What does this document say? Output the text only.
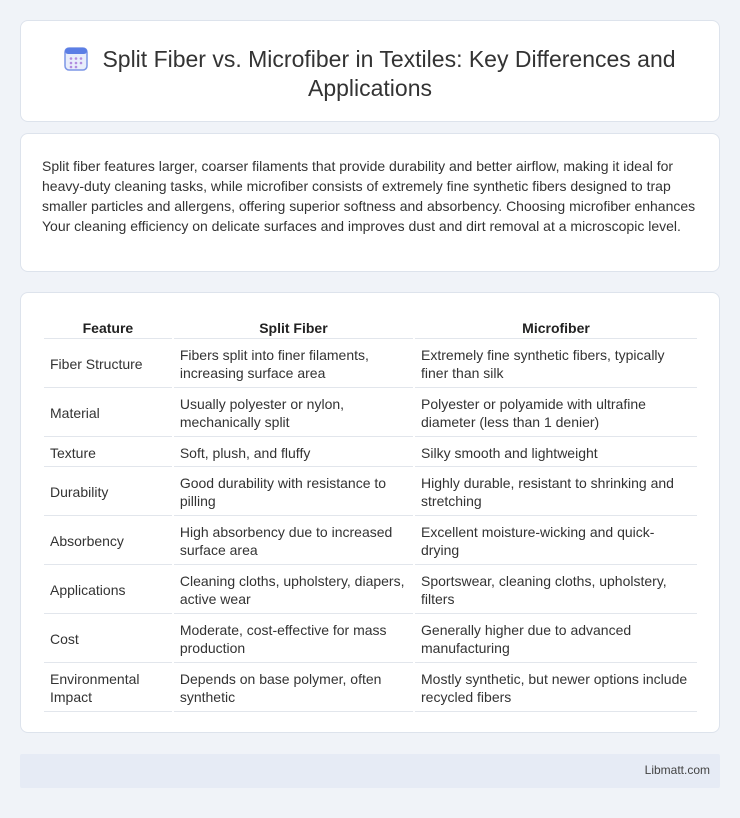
Split Fiber vs. Microfiber in Textiles: Key Differences and Applications

Split fiber features larger, coarser filaments that provide durability and better airflow, making it ideal for heavy-duty cleaning tasks, while microfiber consists of extremely fine synthetic fibers designed to trap smaller particles and allergens, offering superior softness and absorbency. Choosing microfiber enhances Your cleaning efficiency on delicate surfaces and improves dust and dirt removal at a microscopic level.

Feature	Split Fiber	Microfiber
Fiber Structure	Fibers split into finer filaments, increasing surface area	Extremely fine synthetic fibers, typically finer than silk
Material	Usually polyester or nylon, mechanically split	Polyester or polyamide with ultrafine diameter (less than 1 denier)
Texture	Soft, plush, and fluffy	Silky smooth and lightweight
Durability	Good durability with resistance to pilling	Highly durable, resistant to shrinking and stretching
Absorbency	High absorbency due to increased surface area	Excellent moisture-wicking and quick-drying
Applications	Cleaning cloths, upholstery, diapers, active wear	Sportswear, cleaning cloths, upholstery, filters
Cost	Moderate, cost-effective for mass production	Generally higher due to advanced manufacturing
Environmental Impact	Depends on base polymer, often synthetic	Mostly synthetic, but newer options include recycled fibers
Libmatt.com
